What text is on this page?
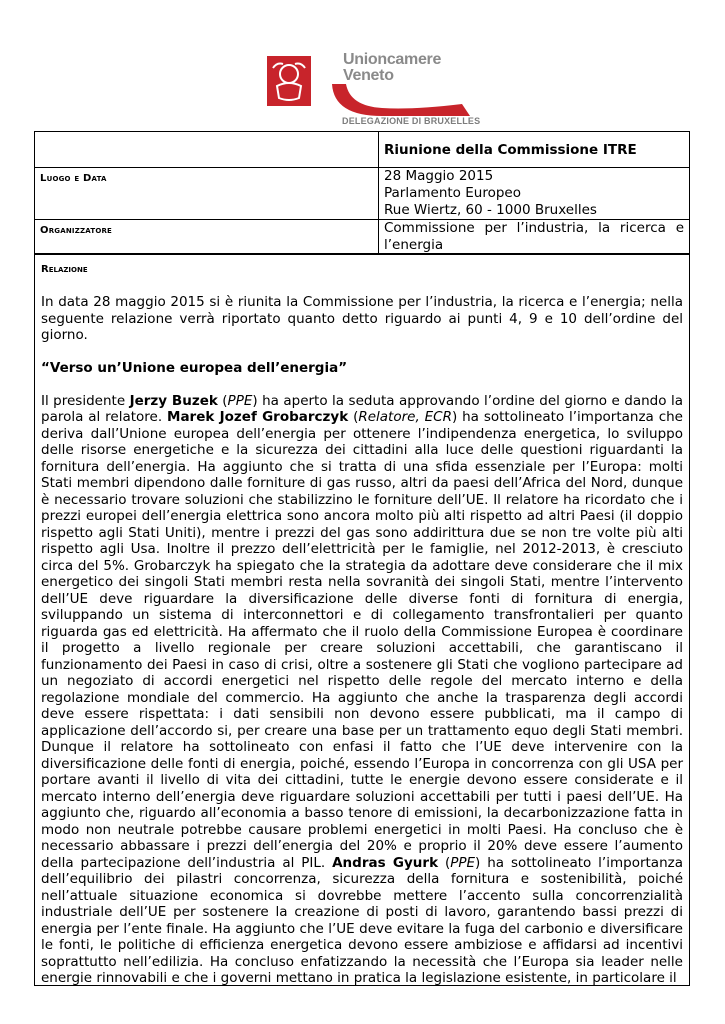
Unioncamere
Veneto
DELEGAZIONE DI BRUXELLES

	Riunione della Commissione ITRE

Luogo e Data	28 Maggio 2015
Parlamento Europeo
Rue Wiertz, 60 - 1000 Bruxelles

Organizzatore	Commissione per l’industria, la ricerca e l’energia
Relazione

In data 28 maggio 2015 si è riunita la Commissione per l’industria, la ricerca e l’energia; nella seguente relazione verrà riportato quanto detto riguardo ai punti 4, 9 e 10 dell’ordine del giorno.

“Verso un’Unione europea dell’energia”

Il presidente Jerzy Buzek (PPE) ha aperto la seduta approvando l’ordine del giorno e dando la parola al relatore. Marek Jozef Grobarczyk (Relatore, ECR) ha sottolineato l’importanza che deriva dall’Unione europea dell’energia per ottenere l’indipendenza energetica, lo sviluppo delle risorse energetiche e la sicurezza dei cittadini alla luce delle questioni riguardanti la fornitura dell’energia. Ha aggiunto che si tratta di una sfida essenziale per l’Europa: molti Stati membri dipendono dalle forniture di gas russo, altri da paesi dell’Africa del Nord, dunque è necessario trovare soluzioni che stabilizzino le forniture dell’UE. Il relatore ha ricordato che i prezzi europei dell’energia elettrica sono ancora molto più alti rispetto ad altri Paesi (il doppio rispetto agli Stati Uniti), mentre i prezzi del gas sono addirittura due se non tre volte più alti rispetto agli Usa. Inoltre il prezzo dell’elettricità per le famiglie, nel 2012-2013, è cresciuto circa del 5%. Grobarczyk ha spiegato che la strategia da adottare deve considerare che il mix energetico dei singoli Stati membri resta nella sovranità dei singoli Stati, mentre l’intervento dell’UE deve riguardare la diversificazione delle diverse fonti di fornitura di energia, sviluppando un sistema di interconnettori e di collegamento transfrontalieri per quanto riguarda gas ed elettricità. Ha affermato che il ruolo della Commissione Europea è coordinare il progetto a livello regionale per creare soluzioni accettabili, che garantiscano il funzionamento dei Paesi in caso di crisi, oltre a sostenere gli Stati che vogliono partecipare ad un negoziato di accordi energetici nel rispetto delle regole del mercato interno e della regolazione mondiale del commercio. Ha aggiunto che anche la trasparenza degli accordi deve essere rispettata: i dati sensibili non devono essere pubblicati, ma il campo di applicazione dell’accordo si, per creare una base per un trattamento equo degli Stati membri. Dunque il relatore ha sottolineato con enfasi il fatto che l’UE deve intervenire con la diversificazione delle fonti di energia, poiché, essendo l’Europa in concorrenza con gli USA per portare avanti il livello di vita dei cittadini, tutte le energie devono essere considerate e il mercato interno dell’energia deve riguardare soluzioni accettabili per tutti i paesi dell’UE. Ha aggiunto che, riguardo all’economia a basso tenore di emissioni, la decarbonizzazione fatta in modo non neutrale potrebbe causare problemi energetici in molti Paesi. Ha concluso che è necessario abbassare i prezzi dell’energia del 20% e proprio il 20% deve essere l’aumento della partecipazione dell’industria al PIL. Andras Gyurk (PPE) ha sottolineato l’importanza dell’equilibrio dei pilastri concorrenza, sicurezza della fornitura e sostenibilità, poiché nell’attuale situazione economica si dovrebbe mettere l’accento sulla concorrenzialità industriale dell’UE per sostenere la creazione di posti di lavoro, garantendo bassi prezzi di energia per l’ente finale. Ha aggiunto che l’UE deve evitare la fuga del carbonio e diversificare le fonti, le politiche di efficienza energetica devono essere ambiziose e affidarsi ad incentivi soprattutto nell’edilizia. Ha concluso enfatizzando la necessità che l’Europa sia leader nelle energie rinnovabili e che i governi mettano in pratica la legislazione esistente, in particolare il
